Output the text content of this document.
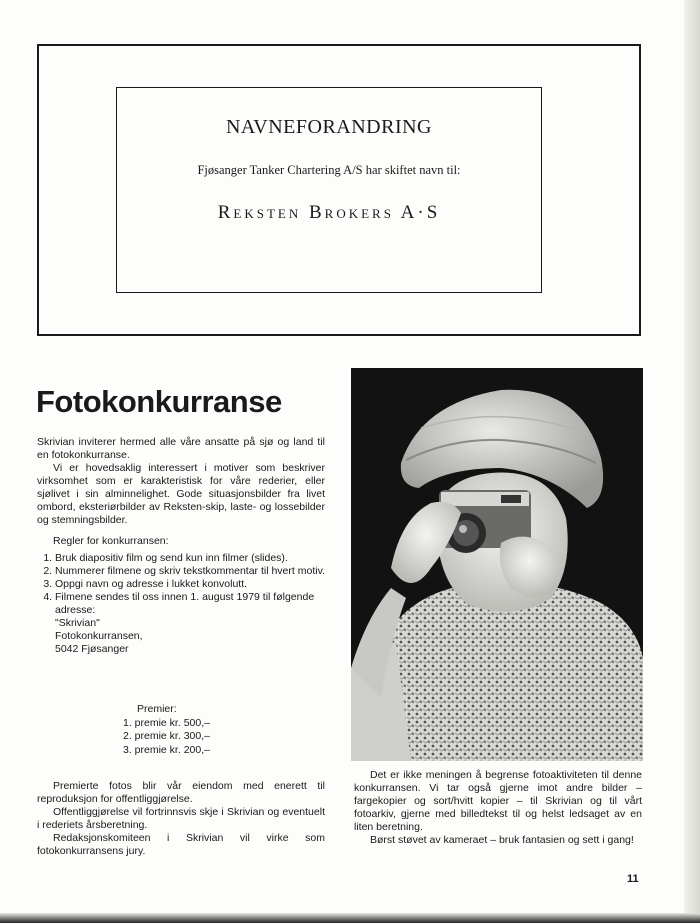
NAVNEFORANDRING
Fjøsanger Tanker Chartering A/S har skiftet navn til:
Reksten Brokers A·S
Fotokonkurranse

Skrivian inviterer hermed alle våre ansatte på sjø og land til en fotokonkurranse.

Vi er hovedsaklig interessert i motiver som beskriver virksomhet som er karakteristisk for våre rederier, eller sjølivet i sin alminnelighet. Gode situasjonsbilder fra livet ombord, eksteriørbilder av Reksten-skip, laste- og lossebilder og stemningsbilder.

Regler for konkurransen:

1. Bruk diapositiv film og send kun inn filmer (slides).
2. Nummerer filmene og skriv tekstkommentar til hvert motiv.
3. Oppgi navn og adresse i lukket konvolutt.
4. Filmene sendes til oss innen 1. august 1979 til følgende adresse:
"Skrivian"
Fotokonkurransen,
5042 Fjøsanger
Premier:
1. premie kr. 500,–
2. premie kr. 300,–
3. premie kr. 200,–

Premierte fotos blir vår eiendom med enerett til reproduksjon for offentliggjørelse.

Offentliggjørelse vil fortrinnsvis skje i Skrivian og eventuelt i rederiets årsberetning.

Redaksjonskomiteen i Skrivian vil virke som fotokonkurransens jury.

Det er ikke meningen å begrense fotoaktiviteten til denne konkurransen. Vi tar også gjerne imot andre bilder – fargekopier og sort/hvitt kopier – til Skrivian og til vårt fotoarkiv, gjerne med billedtekst til og helst ledsaget av en liten beretning.

Børst støvet av kameraet – bruk fantasien og sett i gang!

11
